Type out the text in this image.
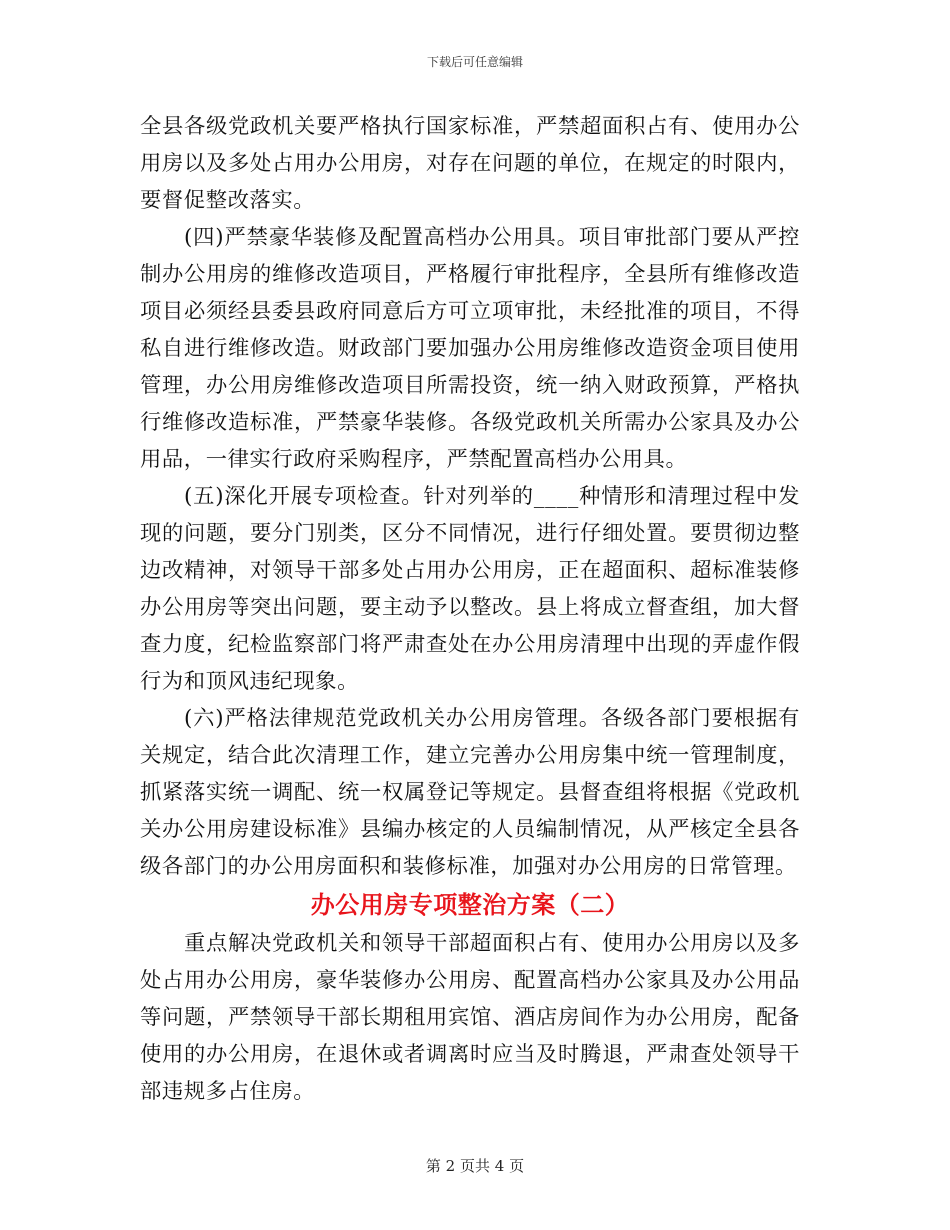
下载后可任意编辑

全县各级党政机关要严格执行国家标准，严禁超面积占有、使用办公用房以及多处占用办公用房，对存在问题的单位，在规定的时限内，要督促整改落实。

(四)严禁豪华装修及配置高档办公用具。项目审批部门要从严控制办公用房的维修改造项目，严格履行审批程序，全县所有维修改造项目必须经县委县政府同意后方可立项审批，未经批准的项目，不得私自进行维修改造。财政部门要加强办公用房维修改造资金项目使用管理，办公用房维修改造项目所需投资，统一纳入财政预算，严格执行维修改造标准，严禁豪华装修。各级党政机关所需办公家具及办公用品，一律实行政府采购程序，严禁配置高档办公用具。

(五)深化开展专项检查。针对列举的____种情形和清理过程中发现的问题，要分门别类，区分不同情况，进行仔细处置。要贯彻边整边改精神，对领导干部多处占用办公用房，正在超面积、超标准装修办公用房等突出问题，要主动予以整改。县上将成立督查组，加大督查力度，纪检监察部门将严肃查处在办公用房清理中出现的弄虚作假行为和顶风违纪现象。

(六)严格法律规范党政机关办公用房管理。各级各部门要根据有关规定，结合此次清理工作，建立完善办公用房集中统一管理制度，抓紧落实统一调配、统一权属登记等规定。县督查组将根据《党政机关办公用房建设标准》县编办核定的人员编制情况，从严核定全县各级各部门的办公用房面积和装修标准，加强对办公用房的日常管理。

办公用房专项整治方案（二）

重点解决党政机关和领导干部超面积占有、使用办公用房以及多处占用办公用房，豪华装修办公用房、配置高档办公家具及办公用品等问题，严禁领导干部长期租用宾馆、酒店房间作为办公用房，配备使用的办公用房，在退休或者调离时应当及时腾退，严肃查处领导干部违规多占住房。

第 2 页共 4 页
